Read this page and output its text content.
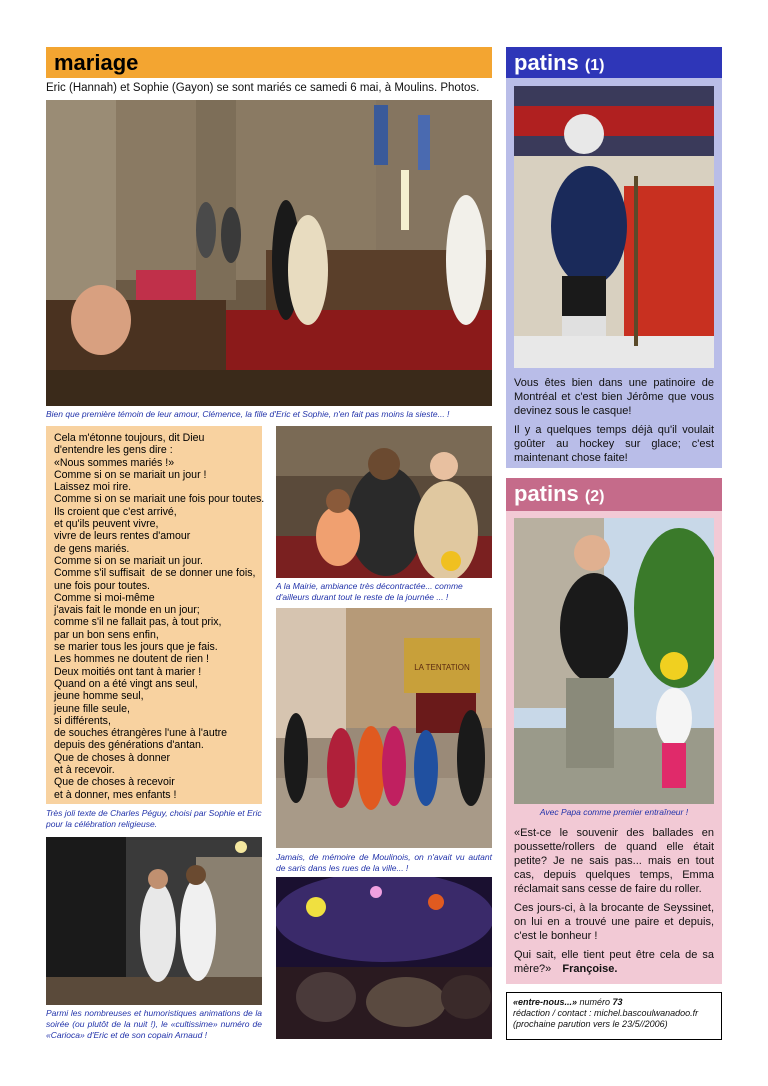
mariage
Eric (Hannah) et Sophie (Gayon) se sont mariés ce samedi 6 mai, à Moulins. Photos.
Bien que première témoin de leur amour, Clémence, la fille d'Eric et Sophie, n'en fait pas moins la sieste... !
Cela m'étonne toujours, dit Dieu
d'entendre les gens dire :
«Nous sommes mariés !»
Comme si on se mariait un jour !
Laissez moi rire.
Comme si on se mariait une fois pour toutes.
Ils croient que c'est arrivé,
et qu'ils peuvent vivre,
vivre de leurs rentes d'amour
de gens mariés.
Comme si on se mariait un jour.
Comme s'il suffisait  de se donner une fois,
une fois pour toutes.
Comme si moi-même
j'avais fait le monde en un jour;
comme s'il ne fallait pas, à tout prix,
par un bon sens enfin,
se marier tous les jours que je fais.
Les hommes ne doutent de rien !
Deux moitiés ont tant à marier !
Quand on a été vingt ans seul,
jeune homme seul,
jeune fille seule,
si différents,
de souches étrangères l'une à l'autre
depuis des générations d'antan.
Que de choses à donner
et à recevoir.
Que de choses à recevoir
et à donner, mes enfants !
Très joli texte de Charles Péguy, choisi par Sophie et Eric pour la célébration religieuse.
A la Mairie, ambiance très décontractée... comme d'ailleurs durant tout le reste de la journée ... !
LA TENTATION
Jamais, de mémoire de Moulinois, on n'avait vu autant de saris dans les rues de la ville... !
Parmi les nombreuses et humoristiques animations de la soirée (ou plutôt de la nuit !), le «cultissime» numéro de «Carioca» d'Eric et de son copain Arnaud !
patins (1)

Vous êtes bien dans une patinoire de Montréal et c'est bien Jérôme que vous devinez sous le casque!

Il y a quelques temps déjà qu'il voulait goûter au hockey sur glace; c'est maintenant chose faite!

patins (2)
Avec Papa comme premier entraîneur !

«Est-ce le souvenir des ballades en poussette/rollers de quand elle était petite? Je ne sais pas... mais en tout cas, depuis quelques temps, Emma réclamait sans cesse de faire du roller.

Ces jours-ci, à la brocante de Seyssinet, on lui en a trouvé une paire et depuis, c'est le bonheur !

Qui sait, elle tient peut être cela de sa mère?» Françoise.

«entre-nous...» numéro 73
rédaction / contact : michel.bascoulwanadoo.fr
(prochaine parution vers le 23/5//2006)
